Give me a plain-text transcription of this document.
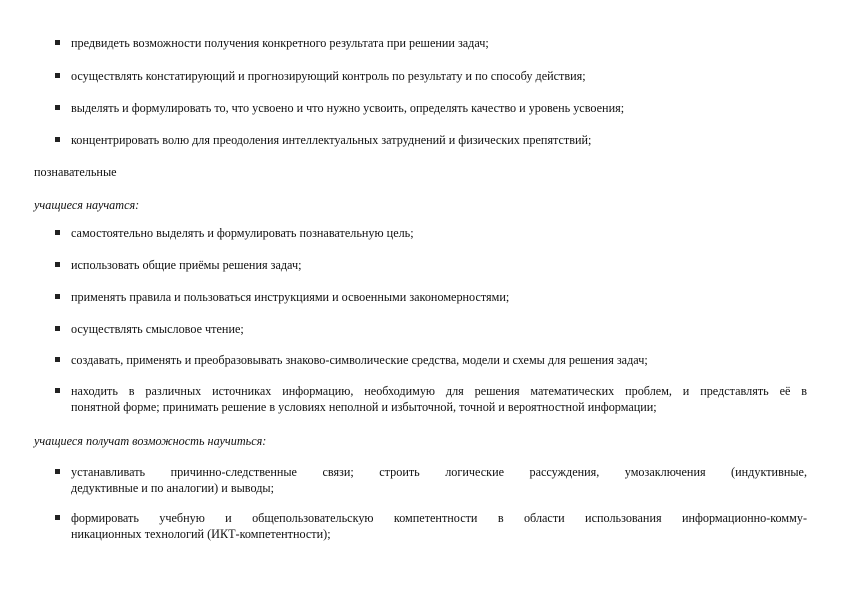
предвидеть возможности получения конкретного результата при решении задач;
осуществлять констатирующий и прогнозирующий контроль по результату и по способу действия;
выделять и формулировать то, что усвоено и что нужно усвоить, определять качество и уровень усвоения;
концентрировать волю для преодоления интеллектуальных затруднений и физических препятствий;
познавательные
учащиеся научатся:
самостоятельно выделять и формулировать познавательную цель;
использовать общие приёмы решения задач;
применять правила и пользоваться инструкциями и освоенными закономерностями;
осуществлять смысловое чтение;
создавать, применять и преобразовывать знаково-символические средства, модели и схемы для решения задач;
находить в различных источниках информацию, необходимую для решения математических проблем, и представлять её в
понятной форме; принимать решение в условиях неполной и избыточной, точной и вероятностной информации;
учащиеся получат возможность научиться:
устанавливать причинно-следственные связи; строить логические рассуждения, умозаключения (индуктивные,
дедуктивные и по аналогии) и выводы;
формировать учебную и общепользовательскую компетентности в области использования информационно-комму-
никационных технологий (ИКТ-компетентности);
